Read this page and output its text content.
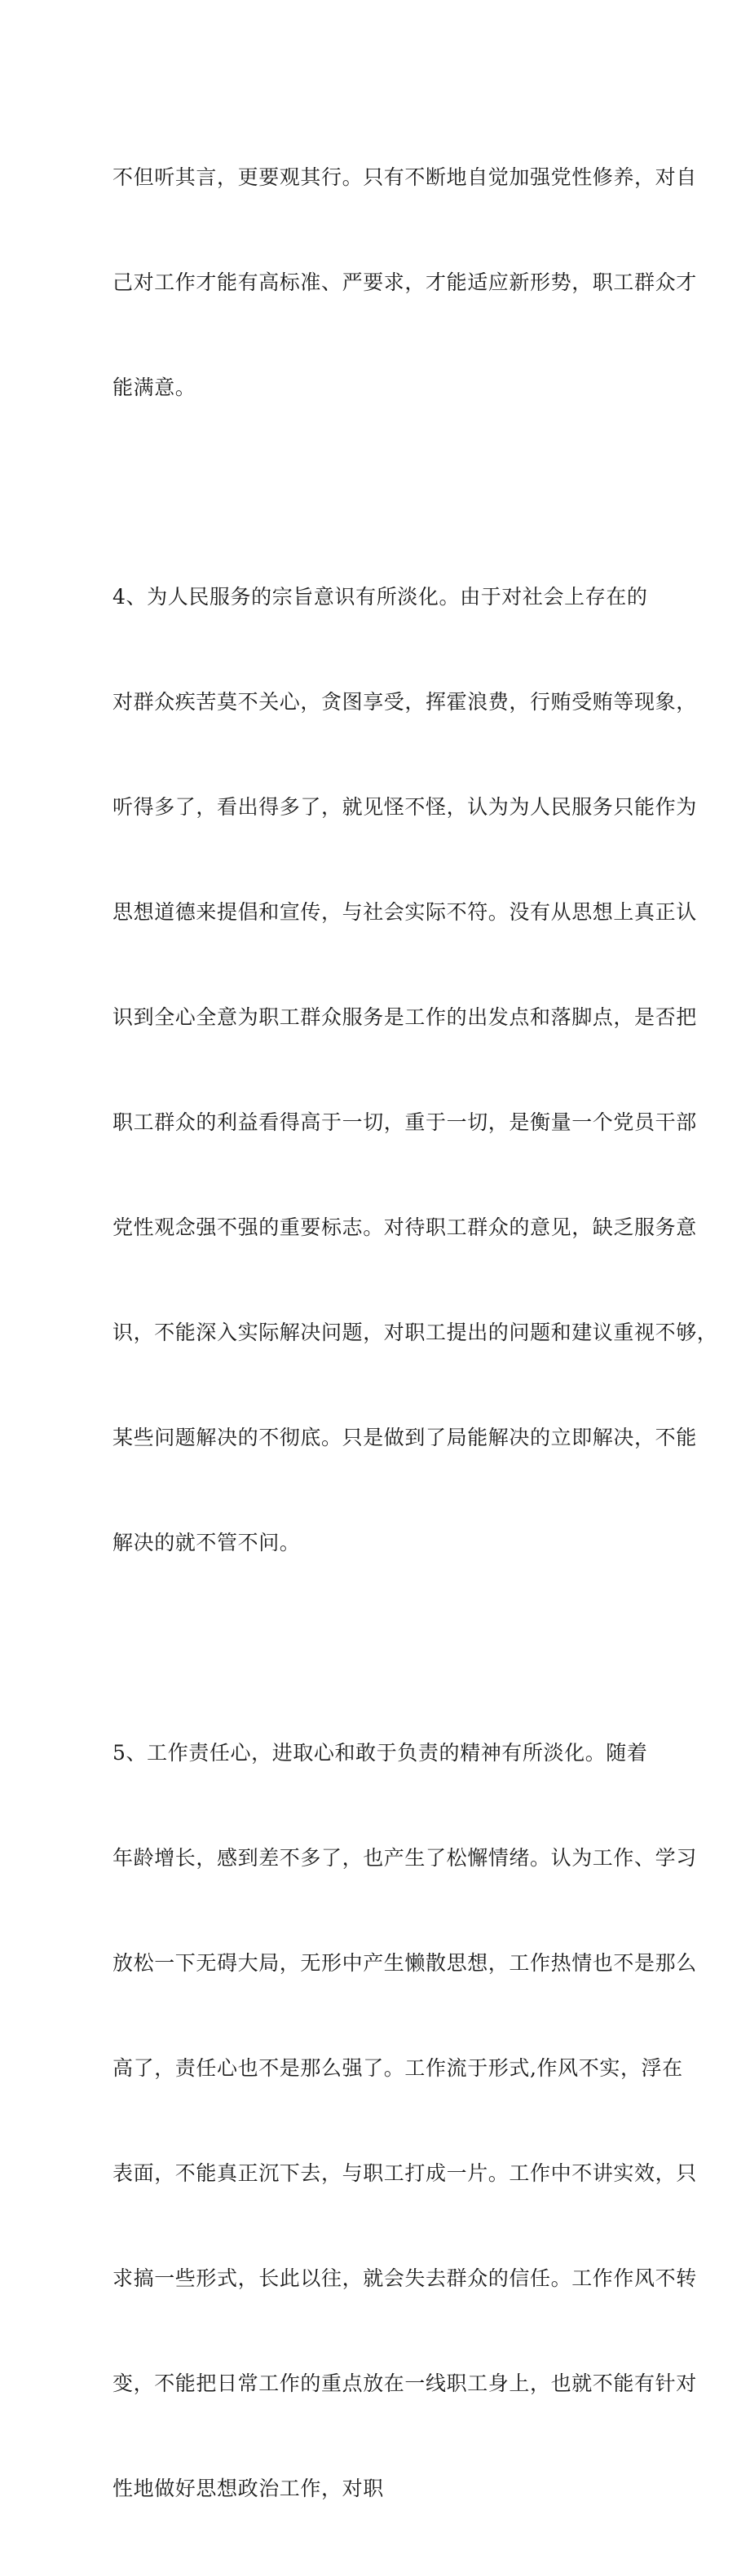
不但听其言，更要观其行。只有不断地自觉加强党性修养，对自

己对工作才能有高标准、严要求，才能适应新形势，职工群众才

能满意。

4、为人民服务的宗旨意识有所淡化。由于对社会上存在的

对群众疾苦莫不关心，贪图享受，挥霍浪费，行贿受贿等现象，

听得多了，看出得多了，就见怪不怪，认为为人民服务只能作为

思想道德来提倡和宣传，与社会实际不符。没有从思想上真正认

识到全心全意为职工群众服务是工作的出发点和落脚点，是否把

职工群众的利益看得高于一切，重于一切，是衡量一个党员干部

党性观念强不强的重要标志。对待职工群众的意见，缺乏服务意

识，不能深入实际解决问题，对职工提出的问题和建议重视不够，

某些问题解决的不彻底。只是做到了局能解决的立即解决，不能

解决的就不管不问。

5、工作责任心，进取心和敢于负责的精神有所淡化。随着

年龄增长，感到差不多了，也产生了松懈情绪。认为工作、学习

放松一下无碍大局，无形中产生懒散思想，工作热情也不是那么

高了，责任心也不是那么强了。工作流于形式,作风不实，浮在

表面，不能真正沉下去，与职工打成一片。工作中不讲实效，只

求搞一些形式，长此以往，就会失去群众的信任。工作作风不转

变，不能把日常工作的重点放在一线职工身上，也就不能有针对

性地做好思想政治工作，对职
